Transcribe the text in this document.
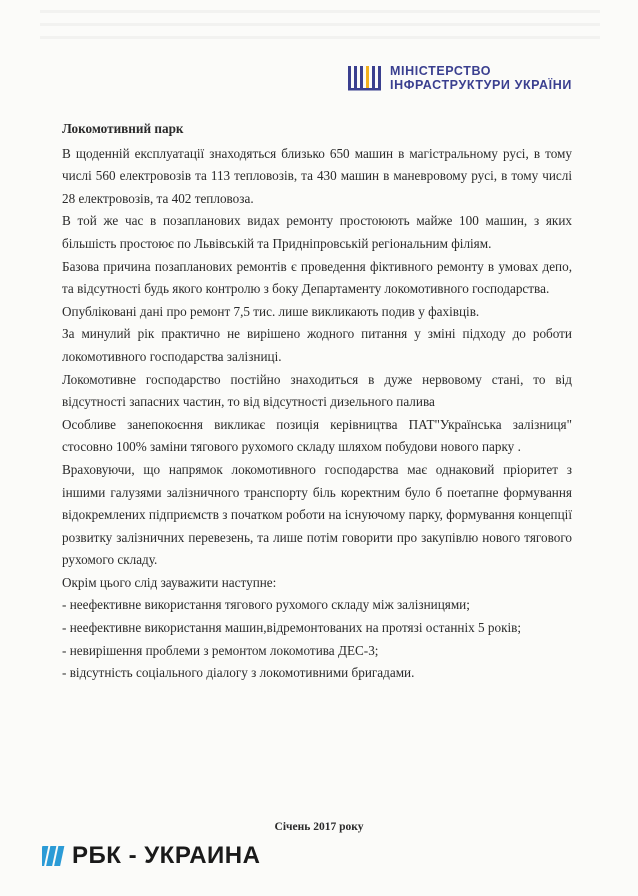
МІНІСТЕРСТВО
ІНФРАСТРУКТУРИ УКРАЇНИ
Локомотивний парк
В щоденній експлуатації знаходяться близько 650 машин в магістральному русі, в тому числі 560 електровозів та 113 тепловозів, та 430 машин в маневровому русі, в тому числі 28 електровозів, та 402 тепловоза.
В той же час в позапланових видах ремонту простоюють майже 100 машин, з яких більшість простоює по Львівській та Придніпровській регіональним філіям.
Базова причина позапланових ремонтів є проведення фіктивного ремонту в умовах депо, та відсутності будь якого контролю з боку Департаменту локомотивного господарства.
Опубліковані дані про ремонт 7,5 тис. лише викликають подив у фахівців.
За минулий рік практично не вирішено жодного питання у зміні підходу до роботи локомотивного господарства залізниці.
Локомотивне господарство постійно знаходиться в дуже нервовому стані, то від відсутності запасних частин, то від відсутності дизельного палива
Особливе занепокоєння викликає позиція керівництва ПАТ"Українська залізниця" стосовно 100% заміни тягового рухомого складу шляхом побудови нового парку .
Враховуючи, що напрямок локомотивного господарства має однаковий пріоритет з іншими галузями залізничного транспорту біль коректним було б поетапне формування відокремлених підприємств з початком роботи на існуючому парку, формування концепції розвитку залізничних перевезень, та лише потім говорити про закупівлю нового тягового рухомого складу.
Окрім цього слід зауважити наступне:
- неефективне використання тягового рухомого складу між залізницями;
- неефективне використання машин,відремонтованих на протязі останніх 5 років;
- невирішення проблеми з ремонтом локомотива ДЕС-3;
- відсутність соціального діалогу з локомотивними бригадами.
Січень 2017 року
РБК - УКРАИНА
